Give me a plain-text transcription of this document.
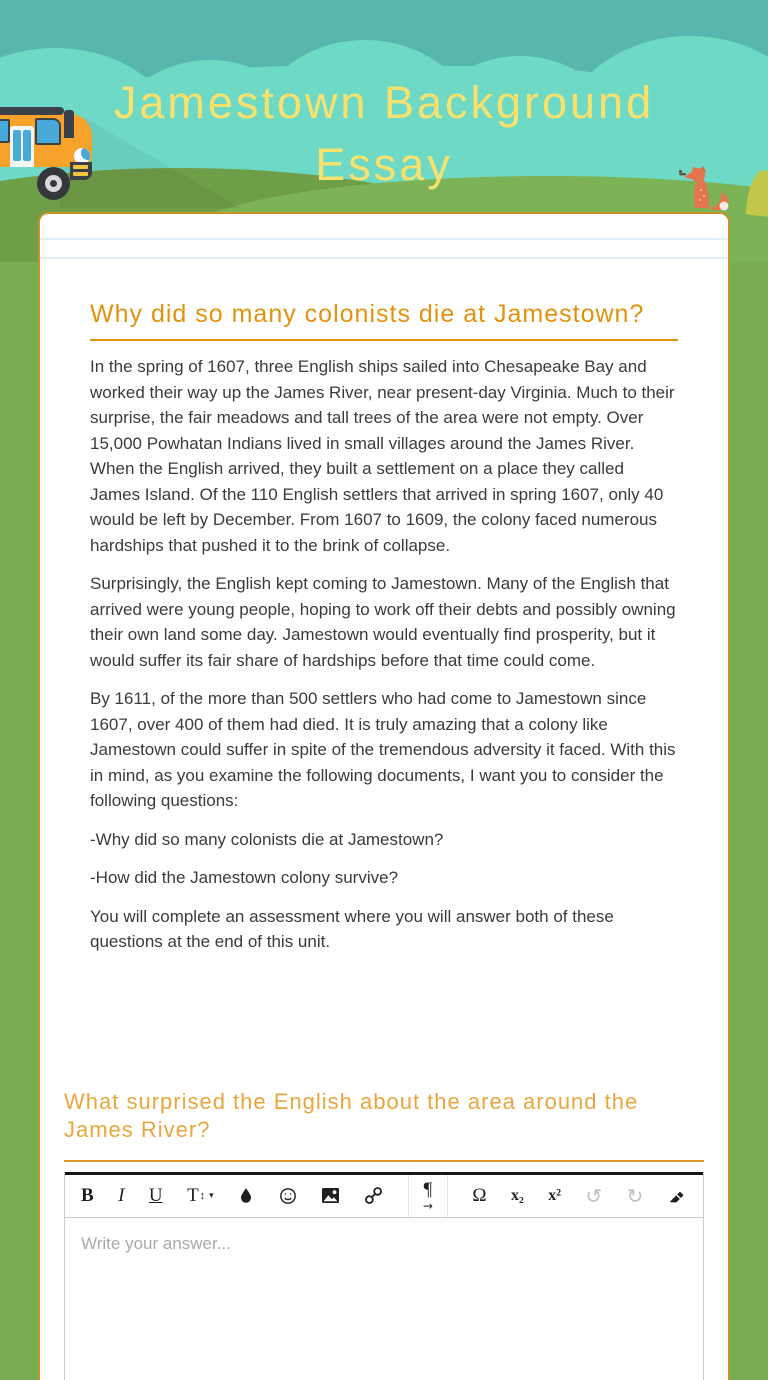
Jamestown Background Essay
Why did so many colonists die at Jamestown?

In the spring of 1607, three English ships sailed into Chesapeake Bay and worked their way up the James River, near present-day Virginia. Much to their surprise, the fair meadows and tall trees of the area were not empty. Over 15,000 Powhatan Indians lived in small villages around the James River. When the English arrived, they built a settlement on a place they called James Island. Of the 110 English settlers that arrived in spring 1607, only 40 would be left by December. From 1607 to 1609, the colony faced numerous hardships that pushed it to the brink of collapse.

Surprisingly, the English kept coming to Jamestown. Many of the English that arrived were young people, hoping to work off their debts and possibly owning their own land some day. Jamestown would eventually find prosperity, but it would suffer its fair share of hardships before that time could come.

By 1611, of the more than 500 settlers who had come to Jamestown since 1607, over 400 of them had died. It is truly amazing that a colony like Jamestown could suffer in spite of the tremendous adversity it faced. With this in mind, as you examine the following documents, I want you to consider the following questions:

-Why did so many colonists die at Jamestown?

-How did the Jamestown colony survive?

You will complete an assessment where you will answer both of these questions at the end of this unit.

What surprised the English about the area around the James River?
B I U T ↕ ▾	¶
→ Ω x₂ x² ↺ ↻
Write your answer...
